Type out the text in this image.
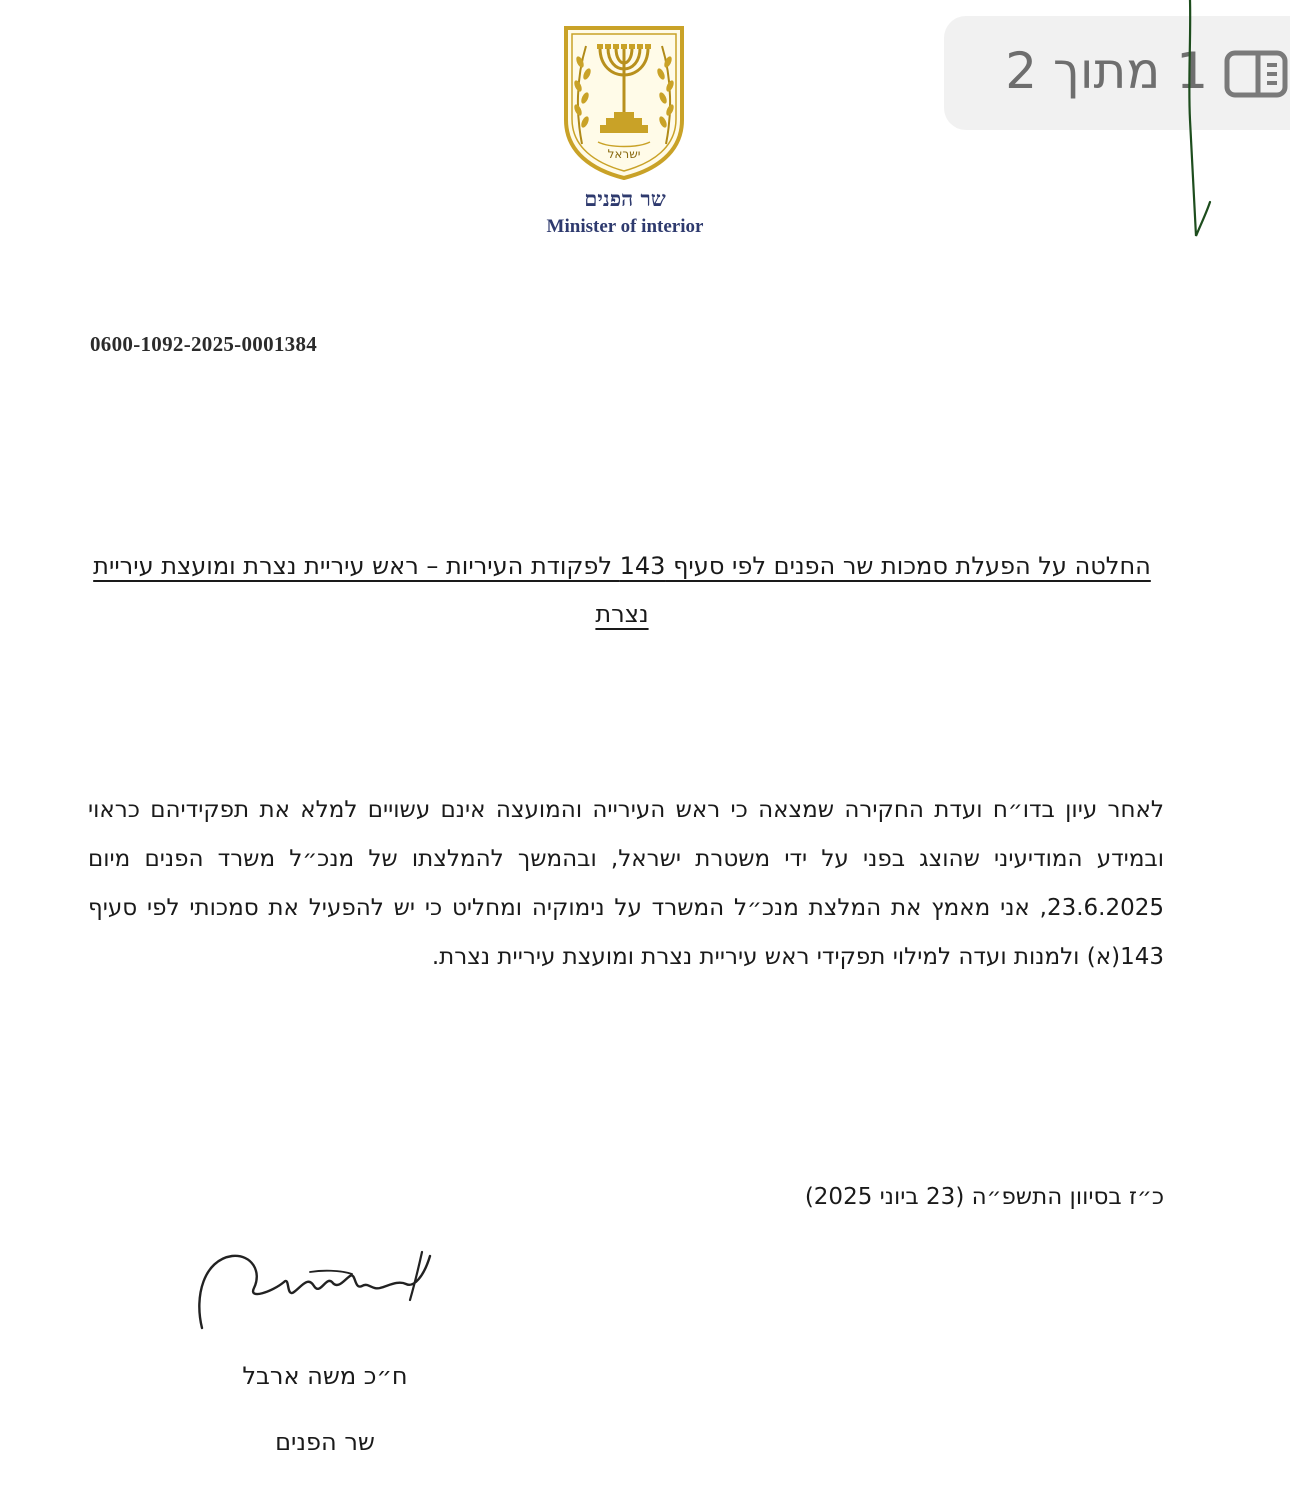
1 מתוך 2
ישראל
שר הפנים
Minister of interior
0600-1092-2025-0001384
החלטה על הפעלת סמכות שר הפנים לפי סעיף 143 לפקודת העיריות – ראש עיריית נצרת ומועצת עיריית נצרת

לאחר עיון בדו״ח ועדת החקירה שמצאה כי ראש העירייה והמועצה אינם עשויים למלא את תפקידיהם כראוי ובמידע המודיעיני שהוצג בפני על ידי משטרת ישראל, ובהמשך להמלצתו של מנכ״ל משרד הפנים מיום 23.6.2025, אני מאמץ את המלצת מנכ״ל המשרד על נימוקיה ומחליט כי יש להפעיל את סמכותי לפי סעיף 143(א) ולמנות ועדה למילוי תפקידי ראש עיריית נצרת ומועצת עיריית נצרת.

כ״ז בסיוון התשפ״ה (23 ביוני 2025)
ח״כ משה ארבל
שר הפנים
